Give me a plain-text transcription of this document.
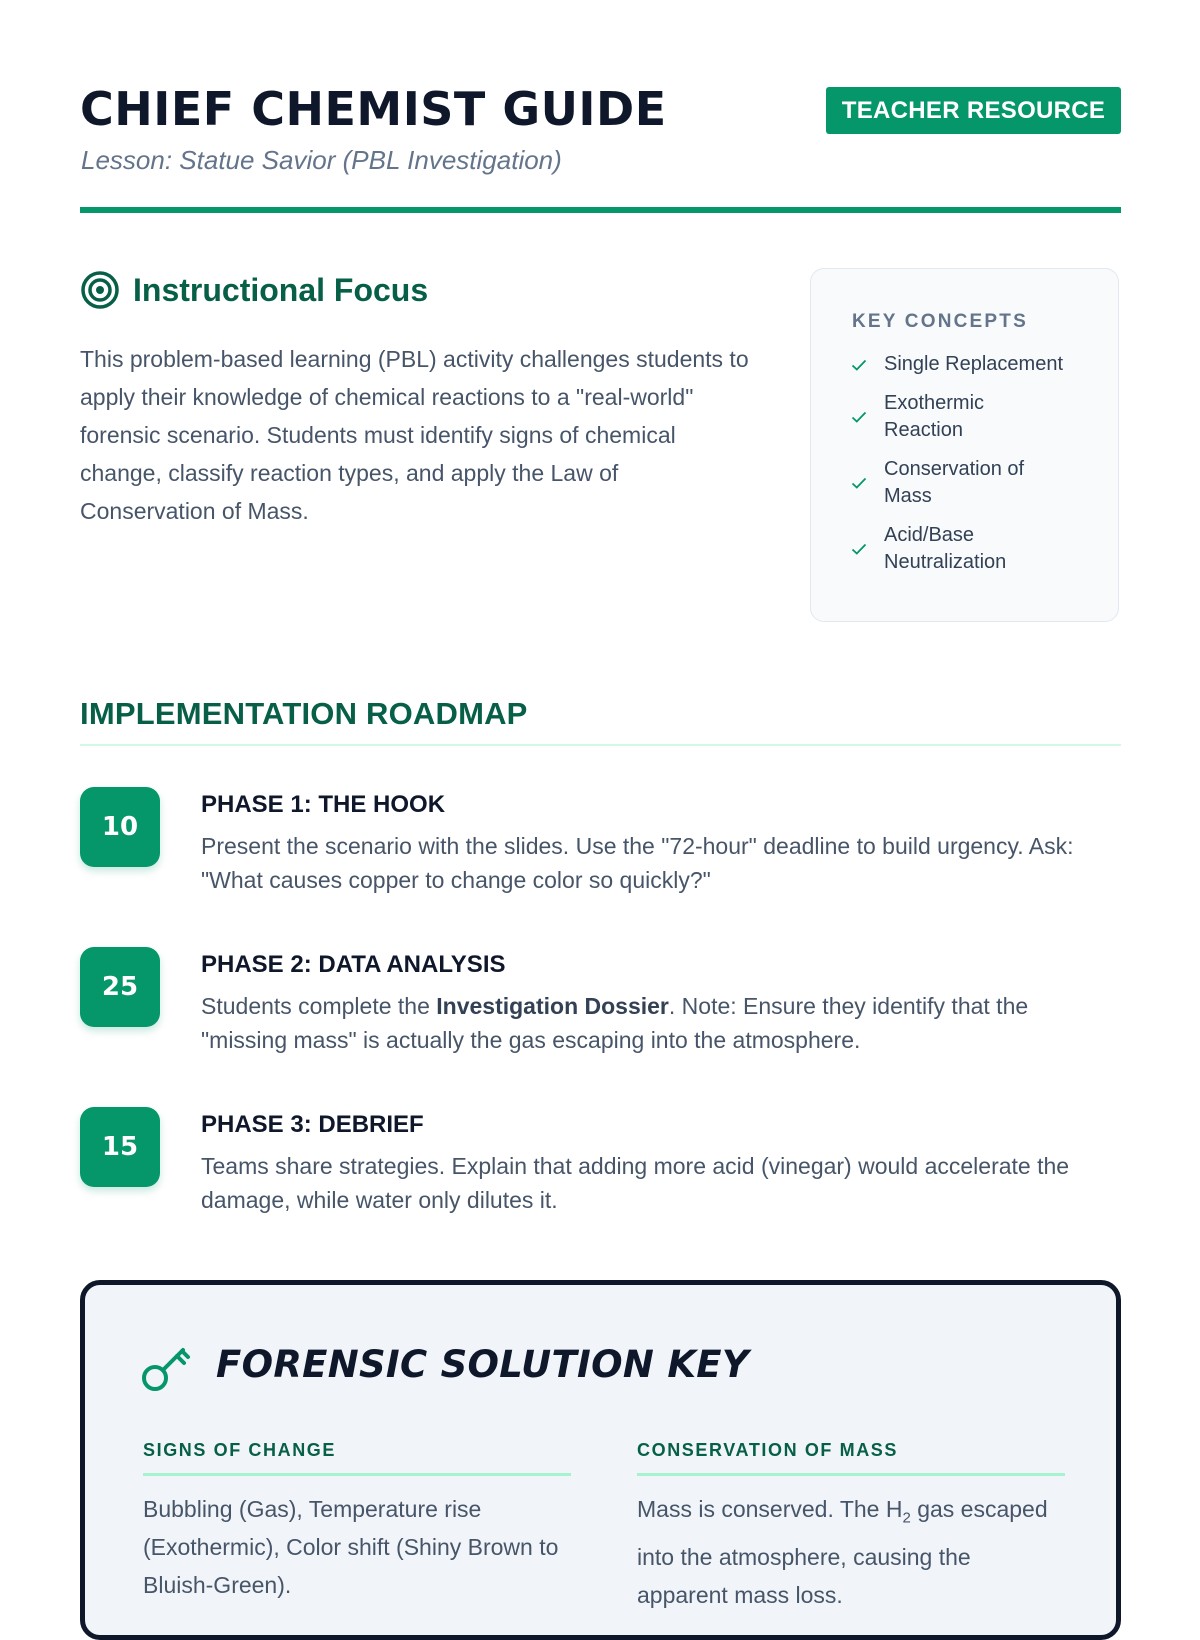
CHIEF CHEMIST GUIDE
Lesson: Statue Savior (PBL Investigation)
TEACHER RESOURCE
Instructional Focus
This problem-based learning (PBL) activity challenges students to apply their knowledge of chemical reactions to a "real-world" forensic scenario. Students must identify signs of chemical change, classify reaction types, and apply the Law of Conservation of Mass.
KEY CONCEPTS
Single Replacement
Exothermic Reaction
Conservation of Mass
Acid/Base Neutralization
IMPLEMENTATION ROADMAP
10
PHASE 1: THE HOOK
Present the scenario with the slides. Use the "72-hour" deadline to build urgency. Ask: "What causes copper to change color so quickly?"
25
PHASE 2: DATA ANALYSIS
Students complete the Investigation Dossier. Note: Ensure they identify that the "missing mass" is actually the gas escaping into the atmosphere.
15
PHASE 3: DEBRIEF
Teams share strategies. Explain that adding more acid (vinegar) would accelerate the damage, while water only dilutes it.
FORENSIC SOLUTION KEY
SIGNS OF CHANGE
Bubbling (Gas), Temperature rise (Exothermic), Color shift (Shiny Brown to Bluish-Green).
CONSERVATION OF MASS
Mass is conserved. The $H_2$ gas escaped into the atmosphere, causing the apparent mass loss.
